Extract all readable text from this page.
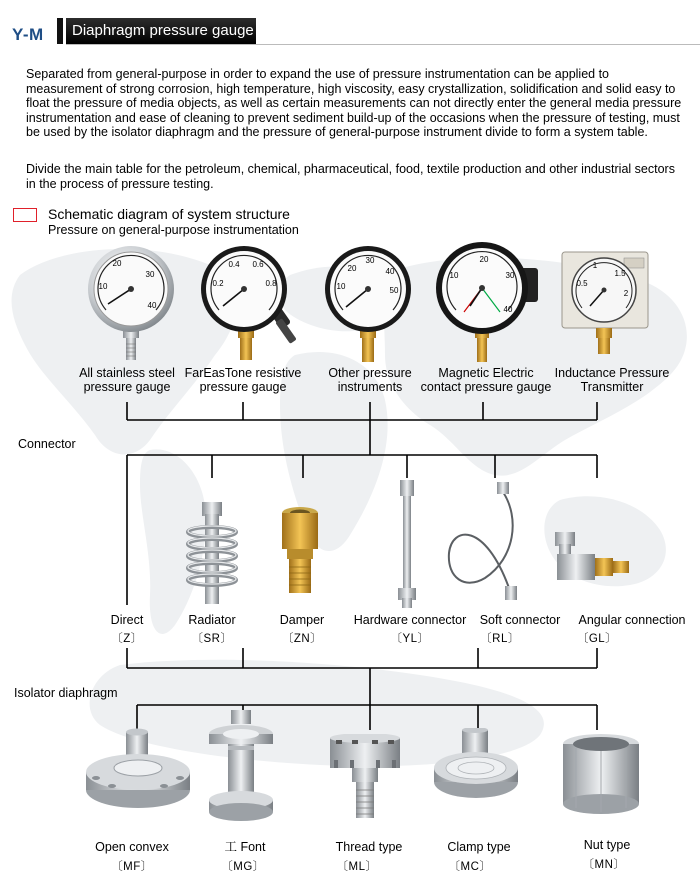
Y-M Diaphragm pressure gauge
Separated from general-purpose in order to expand the use of pressure instrumentation can be applied to measurement of strong corrosion, high temperature, high viscosity, easy crystallization, solidification and solid easy to float the pressure of media objects, as well as certain measurements can not directly enter the general media pressure instrumentation and ease of cleaning to prevent sediment build-up of the occasions when the pressure of testing, must be used by the isolator diaphragm and the pressure of general-purpose instrument divide to form a system table.
Divide the main table for the petroleum, chemical, pharmaceutical, food, textile production and other industrial sectors in the process of pressure testing.
Schematic diagram of system structure
Pressure on general-purpose instrumentation
20
30
10
40
0.4 0.6
0.2	0.8
30
20	40
10	50
20
30
10
40
1
1.5
0.5
2
All stainless steel
pressure gauge
FarEasTone resistive
pressure gauge
Other pressure
instruments
Magnetic Electric
contact pressure gauge
Inductance Pressure
Transmitter
Connector
Isolator diaphragm
Direct
〔Z〕
Radiator
〔SR〕
Damper
〔ZN〕
Hardware connector
〔YL〕
Soft connector
〔RL〕
Angular connection
〔GL〕
Open convex
〔MF〕
工 Font
〔MG〕
Thread type
〔ML〕
Clamp type
〔MC〕
Nut type
〔MN〕
